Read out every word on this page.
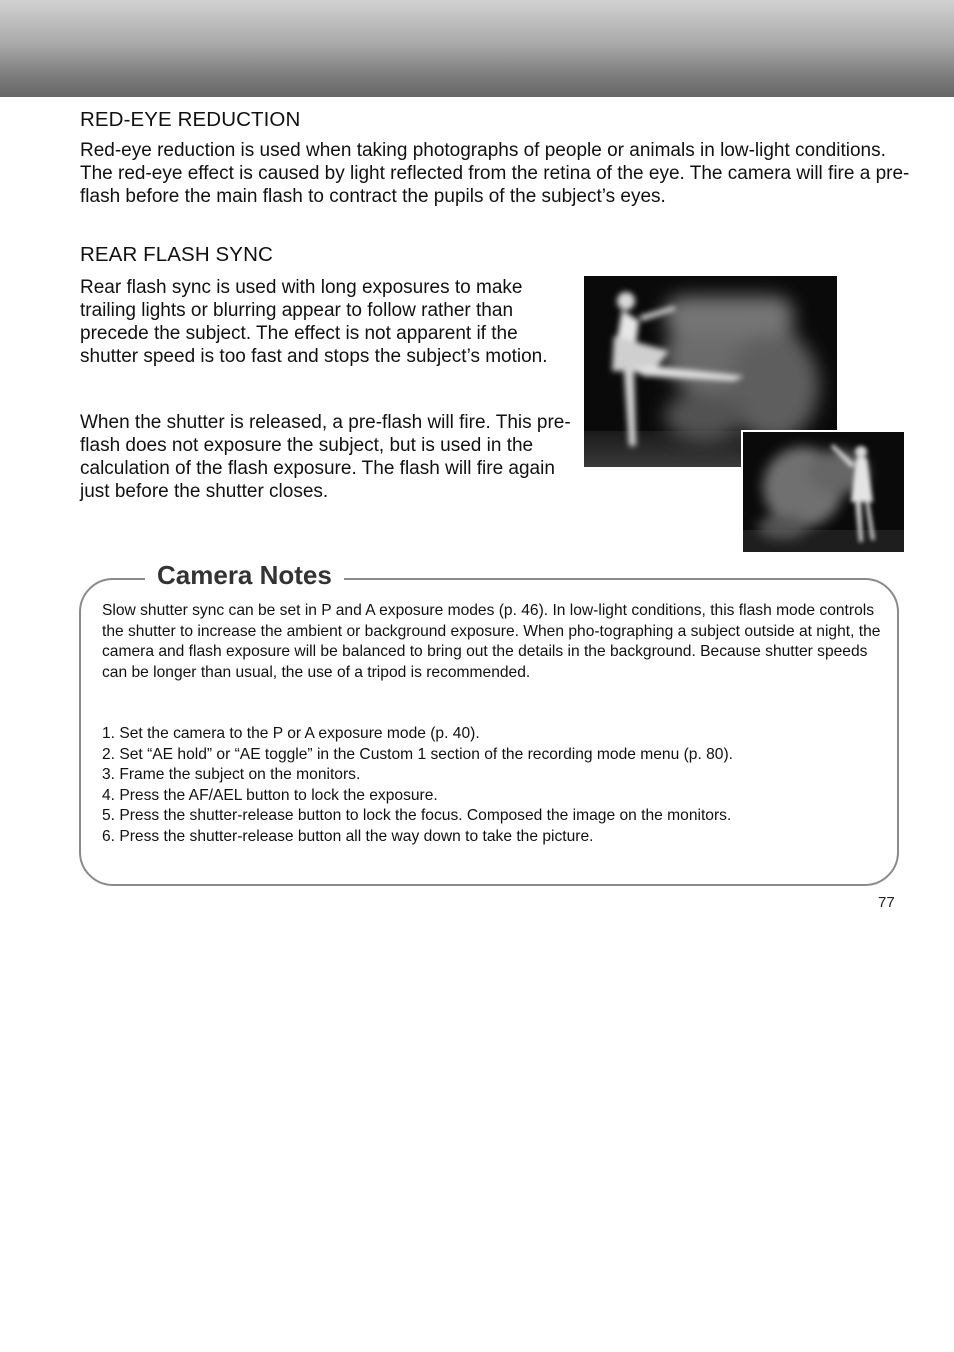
RED-EYE REDUCTION

Red-eye reduction is used when taking photographs of people or animals in low-light conditions. The red-eye effect is caused by light reflected from the retina of the eye. The camera will fire a pre-flash before the main flash to contract the pupils of the subject’s eyes.

REAR FLASH SYNC

Rear flash sync is used with long exposures to make trailing lights or blurring appear to follow rather than precede the subject. The effect is not apparent if the shutter speed is too fast and stops the subject’s motion.

When the shutter is released, a pre-flash will fire. This pre-flash does not exposure the subject, but is used in the calculation of the flash exposure. The flash will fire again just before the shutter closes.

Camera Notes

Slow shutter sync can be set in P and A exposure modes (p. 46). In low-light conditions, this flash mode controls the shutter to increase the ambient or background exposure. When pho-tographing a subject outside at night, the camera and flash exposure will be balanced to bring out the details in the background. Because shutter speeds can be longer than usual, the use of a tripod is recommended.

1. Set the camera to the P or A exposure mode (p. 40).
2. Set “AE hold” or “AE toggle” in the Custom 1 section of the recording mode menu (p. 80).
3. Frame the subject on the monitors.
4. Press the AF/AEL button to lock the exposure.
5. Press the shutter-release button to lock the focus. Composed the image on the monitors.
6. Press the shutter-release button all the way down to take the picture.
77
